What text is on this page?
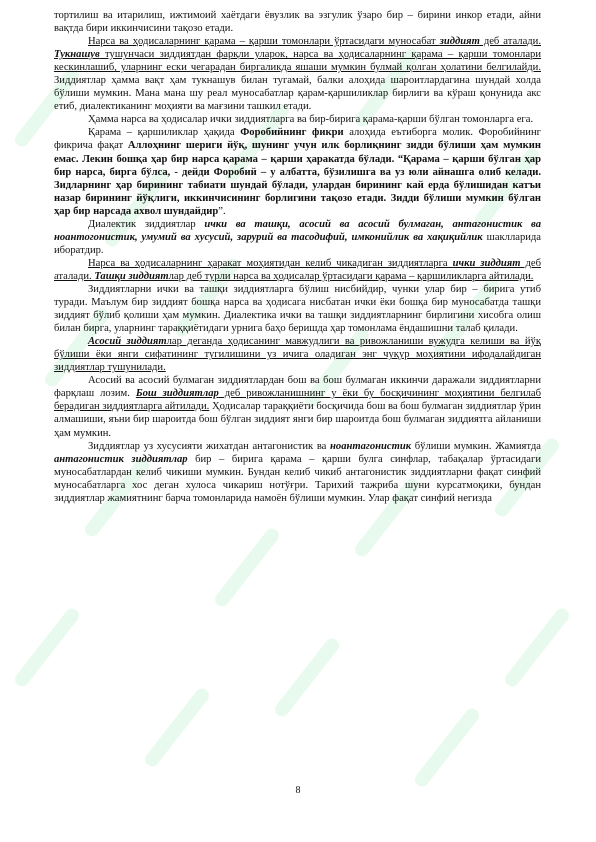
тортилиш ва итарилиш, ижтимоий хаётдаги ёвузлик ва эзгулик ўзаро бир – бирини инкор етади, айни вақтда бири иккинчисини тақозо етади.

Нарса ва ҳодисаларнинг қарама – қарши томонлари ўртасидаги муносабат зиддият деб аталади. Тукнашув тушунчаси зиддиятдан фарқли уларок, нарса ва ҳодисаларнинг қарама – қарши томонлари кескинлашиб, уларнинг ески чегарадан биргаликда яшаши мумкин булмай қолган ҳолатини белгилайди. Зиддиятлар ҳамма вақт ҳам тукнашув билан тугамай, балки алоҳида шароитлардагина шундай холда бўлиши мумкин. Мана мана шу реал муносабатлар қарам-қаршиликлар бирлиги ва кўраш қонунида акс етиб, диалектиканинг моҳияти ва мағзини ташкил етади.

Ҳамма нарса ва ҳодисалар ички зиддиятларга ва бир-бирига қарама-қарши бўлган томонларга ега.

Қарама – қаршиликлар ҳақида Форобийнинг фикри алоҳида еътиборга молик. Форобийнинг фикрича фақат Аллоҳнинг шериги йўқ, шунинг учун илк борлиқнинг зидди бўлиши ҳам мумкин емас. Лекин бошқа ҳар бир нарса қарама – қарши ҳаракатда бўлади. “Қарама – қарши бўлган ҳар бир нарса, бирга бўлса, - дейди Форобий – у албатта, бўзилишга ва уз юли айнашга олиб келади. Зидларнинг ҳар бирининг табиати шундай бўлади, улардан бирининг кай ерда бўлишидан катъи назар бирининг йўқлиги, иккинчисининг борлигини тақозо етади. Зидди бўлиши мумкин бўлган ҳар бир нарсада ахвол шундайдир”.

Диалектик зиддиятлар ички ва ташқи, асосий ва асосий булмаган, антагонистик ва ноантогонистик, умумий ва хусусий, зарурий ва тасодифий, имконийлик ва хақиқийлик шаклларида иборатдир.

Нарса ва ҳодисаларнинг ҳаракат моҳиятидан келиб чикадиган зиддиятларга ички зиддият деб аталади. Ташқи зиддиятлар деб турли нарса ва ҳодисалар ўртасидаги қарама – қаршиликларга айтилади.

Зиддиятларни ички ва ташқи зиддиятларга бўлиш нисбийдир, чунки улар бир – бирига утиб туради. Маълум бир зиддият бошқа нарса ва ҳодисага нисбатан ички ёки бошқа бир муносабатда ташқи зиддият бўлиб қолиши ҳам мумкин. Диалектика ички ва ташқи зиддиятларнинг бирлигини хисобга олиш билан бирга, уларнинг тараққиётидаги урнига баҳо беришда ҳар томонлама ёндашишни талаб қилади.

Асосий зиддиятлар деганда ҳодисанинг мавжудлиги ва ривожланиши вужудга келиши ва йўқ бўлиши ёки янги сифатининг тугилишини уз ичига оладиган энг чуқур моҳиятини ифодалайдиган зиддиятлар тушунилади.

Асосий ва асосий булмаган зиддиятлардан бош ва бош булмаган иккинчи даражали зиддиятларни фарқлаш лозим. Бош зиддиятлар деб ривожланишнинг у ёки бу босқичининг моҳиятини белгилаб берадиган зиддиятларга айтилади. Ҳодисалар тараққиёти босқичида бош ва бош булмаган зиддиятлар ўрин алмашиши, яъни бир шароитда бош бўлган зиддият янги бир шароитда бош булмаган зиддиятга айланиши ҳам мумкин.

Зиддиятлар уз хусусияти жихатдан антагонистик ва ноантагонистик бўлиши мумкин. Жамиятда антагонистик зиддиятлар бир – бирига қарама – қарши булга синфлар, табақалар ўртасидаги муносабатлардан келиб чикиши мумкин. Бундан келиб чикиб антагонистик зиддиятларни фақат синфий муносабатларга хос деган хулоса чикариш нотўғри. Тарихий тажриба шуни курсатмоқики, бундан зиддиятлар жамиятнинг барча томонларида намоён бўлиши мумкин. Улар фақат синфий негизда

8
